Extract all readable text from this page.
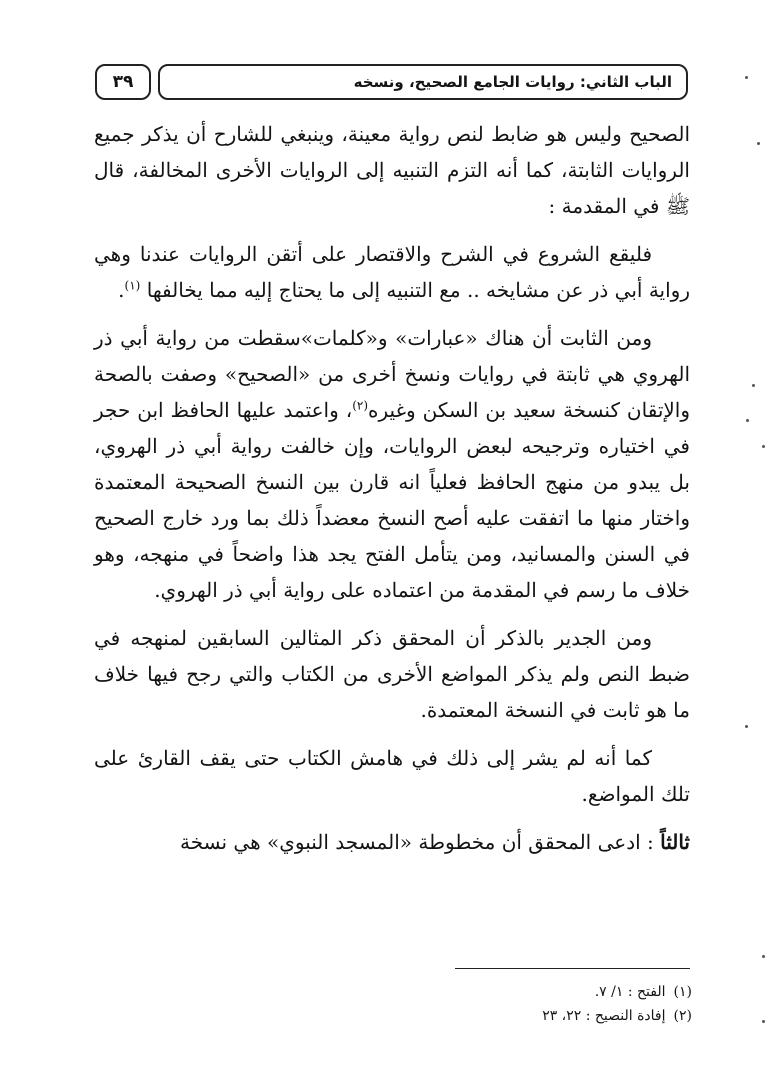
٣٩	الباب الثاني: روايات الجامع الصحيح، ونسخه

الصحيح وليس هو ضابط لنص رواية معينة، وينبغي للشارح أن يذكر جميع الروايات الثابتة، كما أنه التزم التنبيه إلى الروايات الأخرى المخالفة، قال ﷺ في المقدمة :

فليقع الشروع في الشرح والاقتصار على أتقن الروايات عندنا وهي رواية أبي ذر عن مشايخه .. مع التنبيه إلى ما يحتاج إليه مما يخالفها $^{(١)}$.

ومن الثابت أن هناك «عبارات» و«كلمات»سقطت من رواية أبي ذر الهروي هي ثابتة في روايات ونسخ أخرى من «الصحيح» وصفت بالصحة والإتقان كنسخة سعيد بن السكن وغيره$^{(٢)}$، واعتمد عليها الحافظ ابن حجر في اختياره وترجيحه لبعض الروايات، وإن خالفت رواية أبي ذر الهروي، بل يبدو من منهج الحافظ فعلياً انه قارن بين النسخ الصحيحة المعتمدة واختار منها ما اتفقت عليه أصح النسخ معضداً ذلك بما ورد خارج الصحيح في السنن والمسانيد، ومن يتأمل الفتح يجد هذا واضحاً في منهجه، وهو خلاف ما رسم في المقدمة من اعتماده على رواية أبي ذر الهروي.

ومن الجدير بالذكر أن المحقق ذكر المثالين السابقين لمنهجه في ضبط النص ولم يذكر المواضع الأخرى من الكتاب والتي رجح فيها خلاف ما هو ثابت في النسخة المعتمدة.

كما أنه لم يشر إلى ذلك في هامش الكتاب حتى يقف القارئ على تلك المواضع.

ثالثاً : ادعى المحقق أن مخطوطة «المسجد النبوي» هي نسخة

(١)الفتح : ١/ ٧.
(٢)إفادة النصيح : ٢٢، ٢٣
